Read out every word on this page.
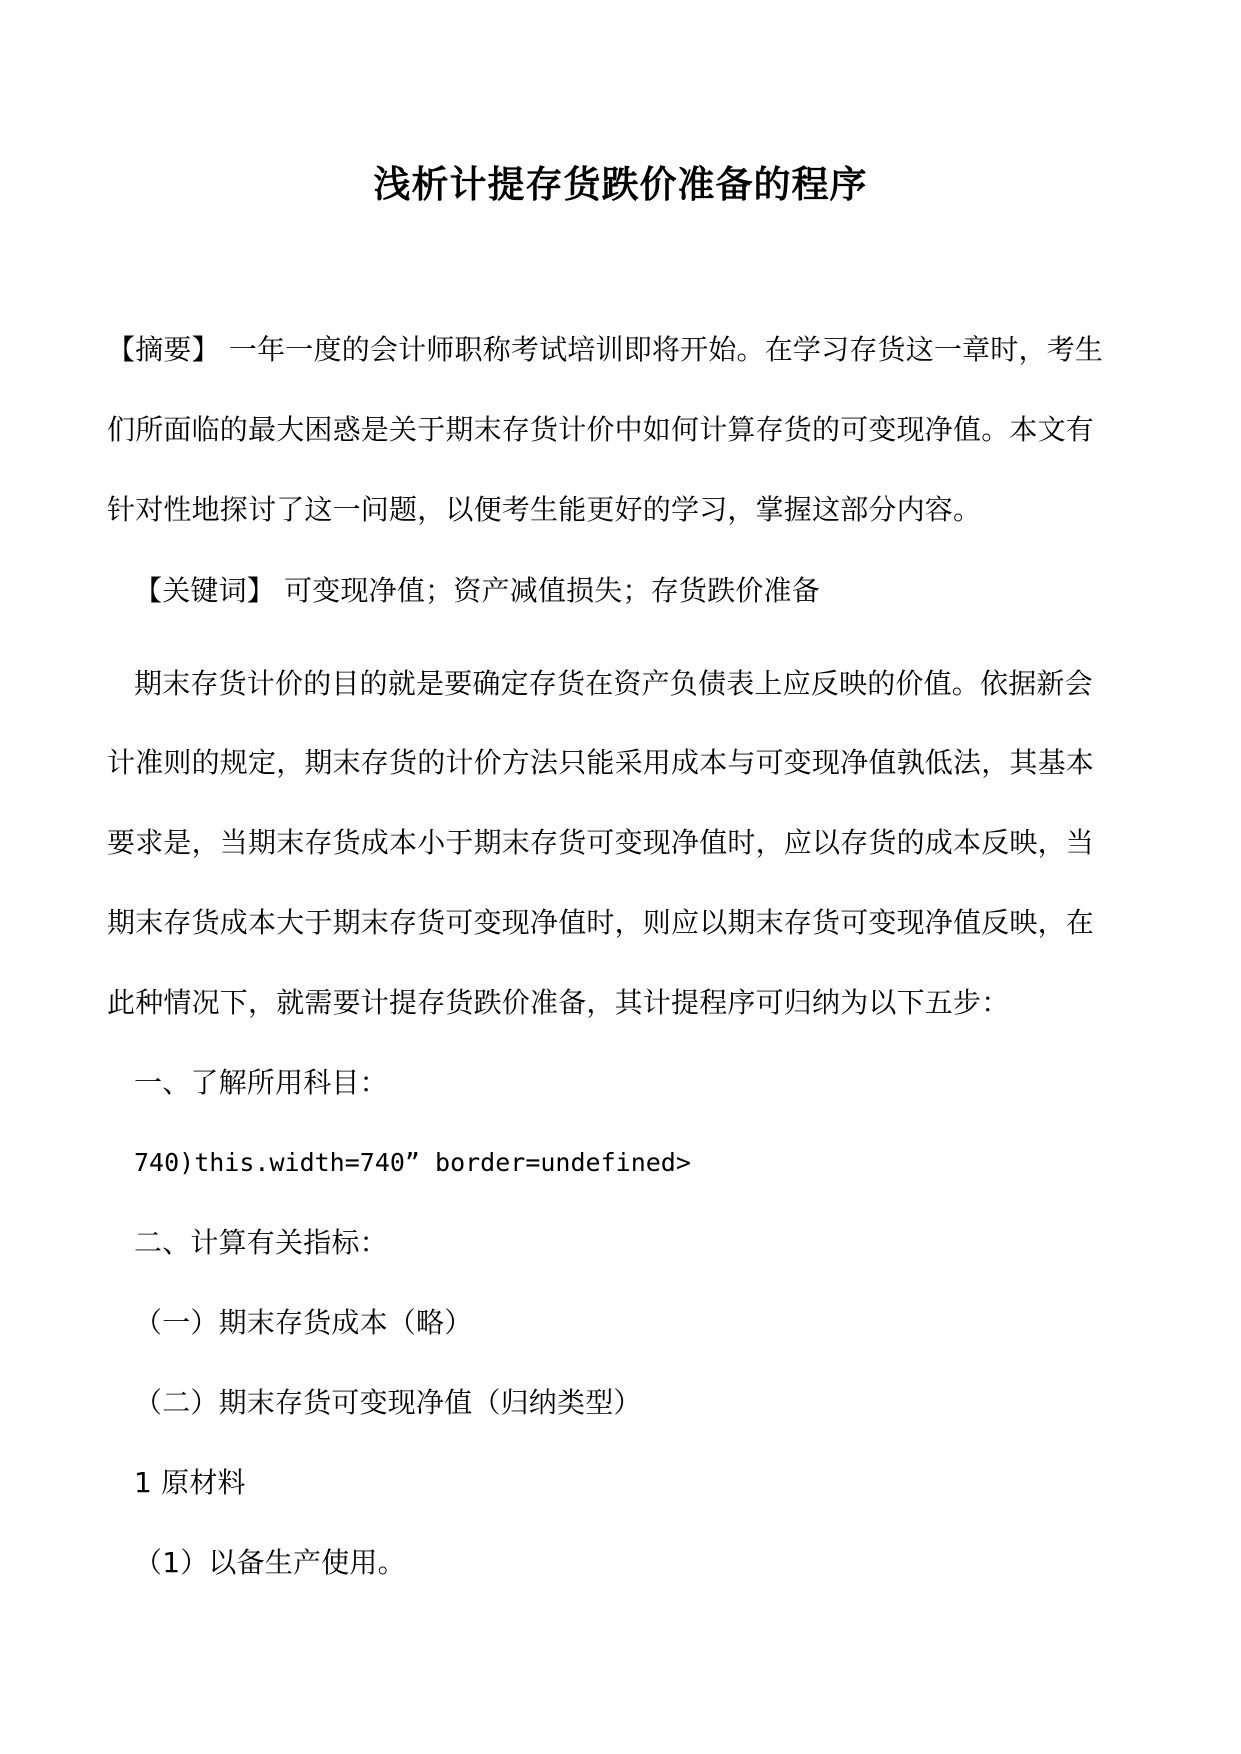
浅析计提存货跌价准备的程序
【摘要】 一年一度的会计师职称考试培训即将开始。在学习存货这一章时，考生
们所面临的最大困惑是关于期末存货计价中如何计算存货的可变现净值。本文有
针对性地探讨了这一问题，以便考生能更好的学习，掌握这部分内容。
【关键词】 可变现净值；资产减值损失；存货跌价准备
期末存货计价的目的就是要确定存货在资产负债表上应反映的价值。依据新会
计准则的规定，期末存货的计价方法只能采用成本与可变现净值孰低法，其基本
要求是，当期末存货成本小于期末存货可变现净值时，应以存货的成本反映，当
期末存货成本大于期末存货可变现净值时，则应以期末存货可变现净值反映，在
此种情况下，就需要计提存货跌价准备，其计提程序可归纳为以下五步：
一、了解所用科目：
740)this.width=740” border=undefined>
二、计算有关指标：
（一）期末存货成本（略）
（二）期末存货可变现净值（归纳类型）
1 原材料
（1）以备生产使用。
